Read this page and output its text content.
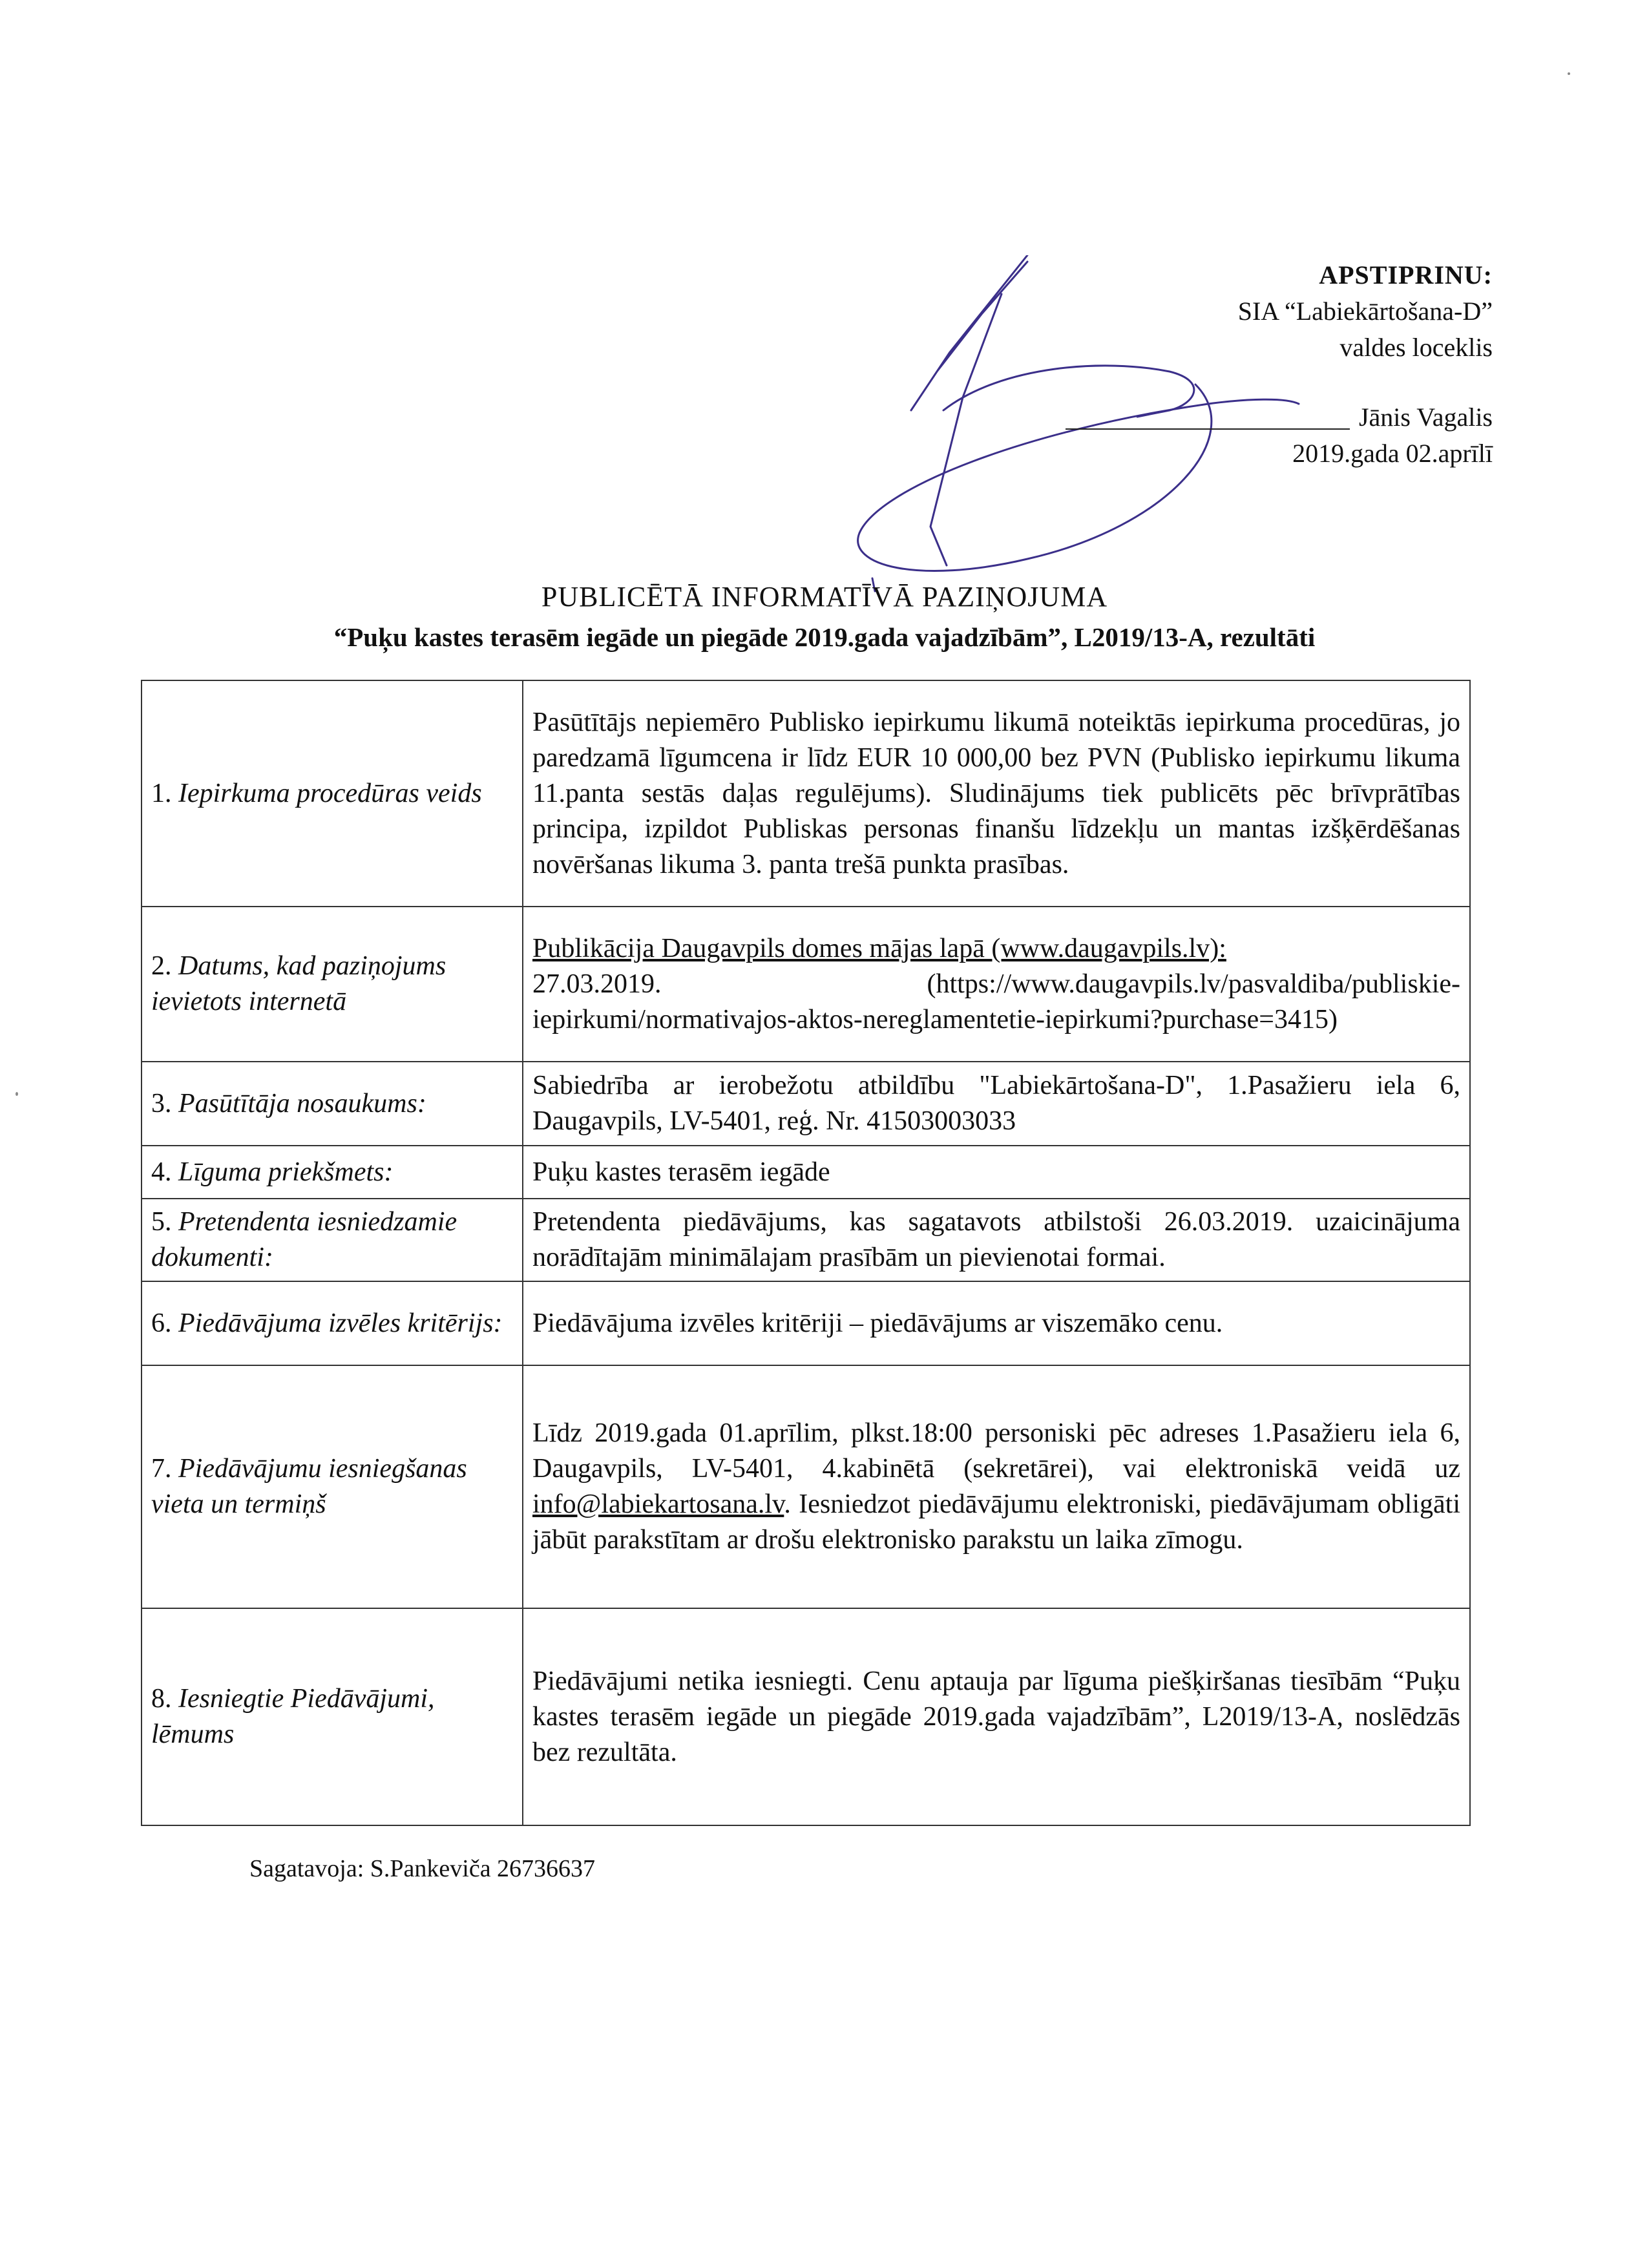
APSTIPRINU:
SIA “Labiekārtošana-D”
valdes loceklis
Jānis Vagalis
2019.gada 02.aprīlī
PUBLICĒTĀ INFORMATĪVĀ PAZIŅOJUMA
“Puķu kastes terasēm iegāde un piegāde 2019.gada vajadzībām”, L2019/13-A, rezultāti
1. Iepirkuma procedūras veids	Pasūtītājs nepiemēro Publisko iepirkumu likumā noteiktās iepirkuma procedūras, jo paredzamā līgumcena ir līdz EUR 10 000,00 bez PVN (Publisko iepirkumu likuma 11.panta sestās daļas regulējums). Sludinājums tiek publicēts pēc brīvprātības principa, izpildot Publiskas personas finanšu līdzekļu un mantas izšķērdēšanas novēršanas likuma 3. panta trešā punkta prasības.
2. Datums, kad paziņojums ievietots internetā	Publikācija Daugavpils domes mājas lapā (www.daugavpils.lv):
27.03.2019. (https://www.daugavpils.lv/pasvaldiba/publiskie-iepirkumi/normativajos-aktos-nereglamentetie-iepirkumi?purchase=3415)

3. Pasūtītāja nosaukums:	Sabiedrība ar ierobežotu atbildību "Labiekārtošana-D", 1.Pasažieru iela 6, Daugavpils, LV-5401, reģ. Nr. 41503003033
4. Līguma priekšmets:	Puķu kastes terasēm iegāde
5. Pretendenta iesniedzamie dokumenti:	Pretendenta piedāvājums, kas sagatavots atbilstoši 26.03.2019. uzaicinājuma norādītajām minimālajam prasībām un pievienotai formai.
6. Piedāvājuma izvēles kritērijs:	Piedāvājuma izvēles kritēriji – piedāvājums ar viszemāko cenu.
7. Piedāvājumu iesniegšanas vieta un termiņš	Līdz 2019.gada 01.aprīlim, plkst.18:00 personiski pēc adreses 1.Pasažieru iela 6, Daugavpils, LV-5401, 4.kabinētā (sekretārei), vai elektroniskā veidā uz info@labiekartosana.lv. Iesniedzot piedāvājumu elektroniski, piedāvājumam obligāti jābūt parakstītam ar drošu elektronisko parakstu un laika zīmogu.
8. Iesniegtie Piedāvājumi, lēmums	Piedāvājumi netika iesniegti. Cenu aptauja par līguma piešķiršanas tiesībām “Puķu kastes terasēm iegāde un piegāde 2019.gada vajadzībām”, L2019/13-A, noslēdzās bez rezultāta.
Sagatavoja: S.Pankeviča 26736637
